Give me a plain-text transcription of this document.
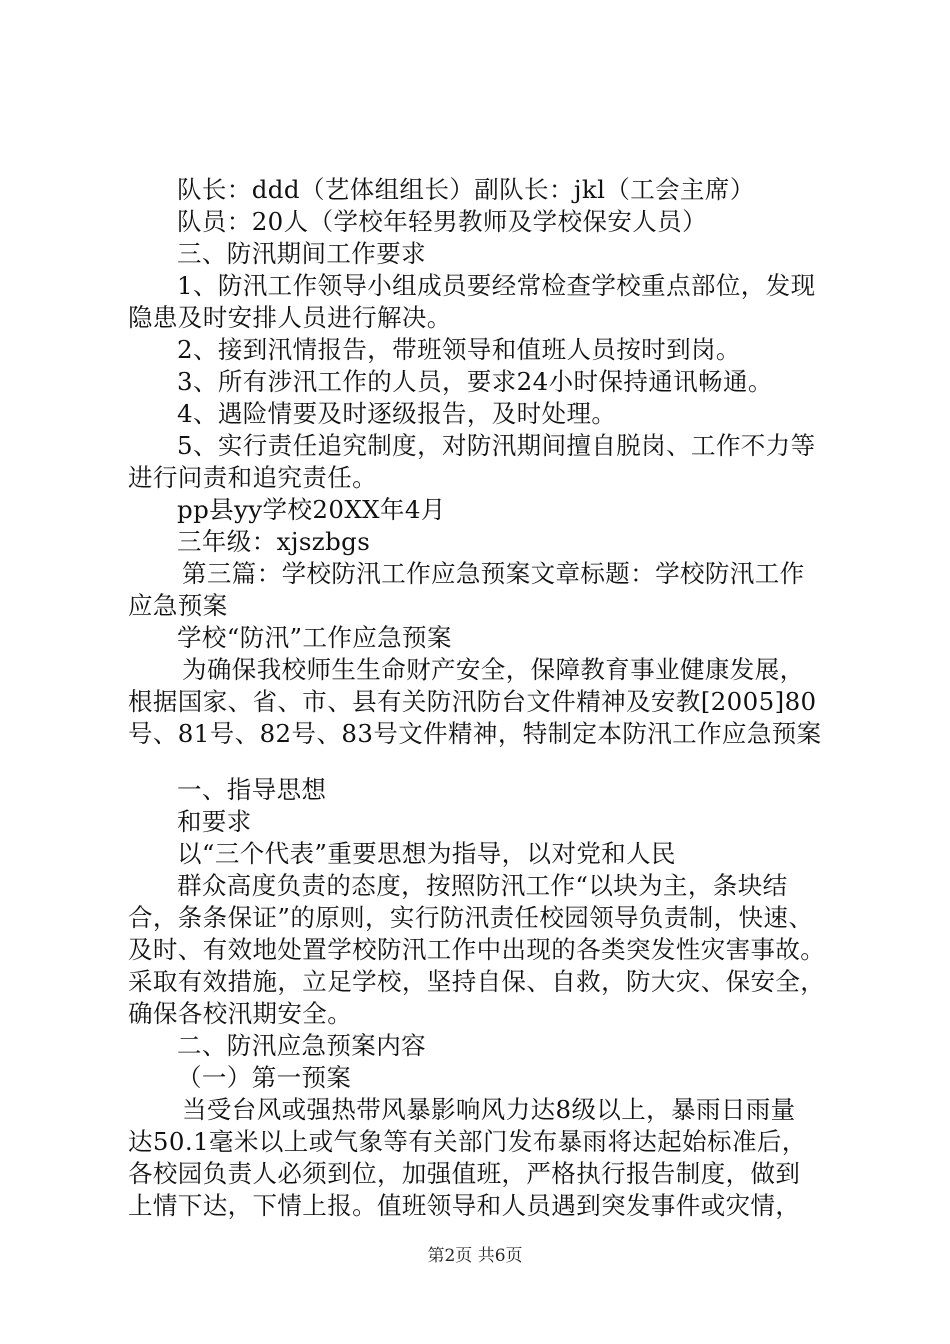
队长：ddd（艺体组组长）副队长：jkl（工会主席）
队员：20人（学校年轻男教师及学校保安人员）
三、防汛期间工作要求
1、防汛工作领导小组成员要经常检查学校重点部位，发现
隐患及时安排人员进行解决。
2、接到汛情报告，带班领导和值班人员按时到岗。
3、所有涉汛工作的人员，要求24小时保持通讯畅通。
4、遇险情要及时逐级报告，及时处理。
5、实行责任追究制度，对防汛期间擅自脱岗、工作不力等
进行问责和追究责任。
pp县yy学校20XX年4月
三年级：xjszbgs
第三篇：学校防汛工作应急预案文章标题：学校防汛工作
应急预案
学校“防汛”工作应急预案
为确保我校师生生命财产安全，保障教育事业健康发展，
根据国家、省、市、县有关防汛防台文件精神及安教[2005]80
号、81号、82号、83号文件精神，特制定本防汛工作应急预案
一、指导思想
和要求
以“三个代表”重要思想为指导，以对党和人民
群众高度负责的态度，按照防汛工作“以块为主，条块结
合，条条保证”的原则，实行防汛责任校园领导负责制，快速、
及时、有效地处置学校防汛工作中出现的各类突发性灾害事故。
采取有效措施，立足学校，坚持自保、自救，防大灾、保安全，
确保各校汛期安全。
二、防汛应急预案内容
（一）第一预案
当受台风或强热带风暴影响风力达8级以上，暴雨日雨量
达50.1毫米以上或气象等有关部门发布暴雨将达起始标准后，
各校园负责人必须到位，加强值班，严格执行报告制度，做到
上情下达，下情上报。值班领导和人员遇到突发事件或灾情，
第2页 共6页
